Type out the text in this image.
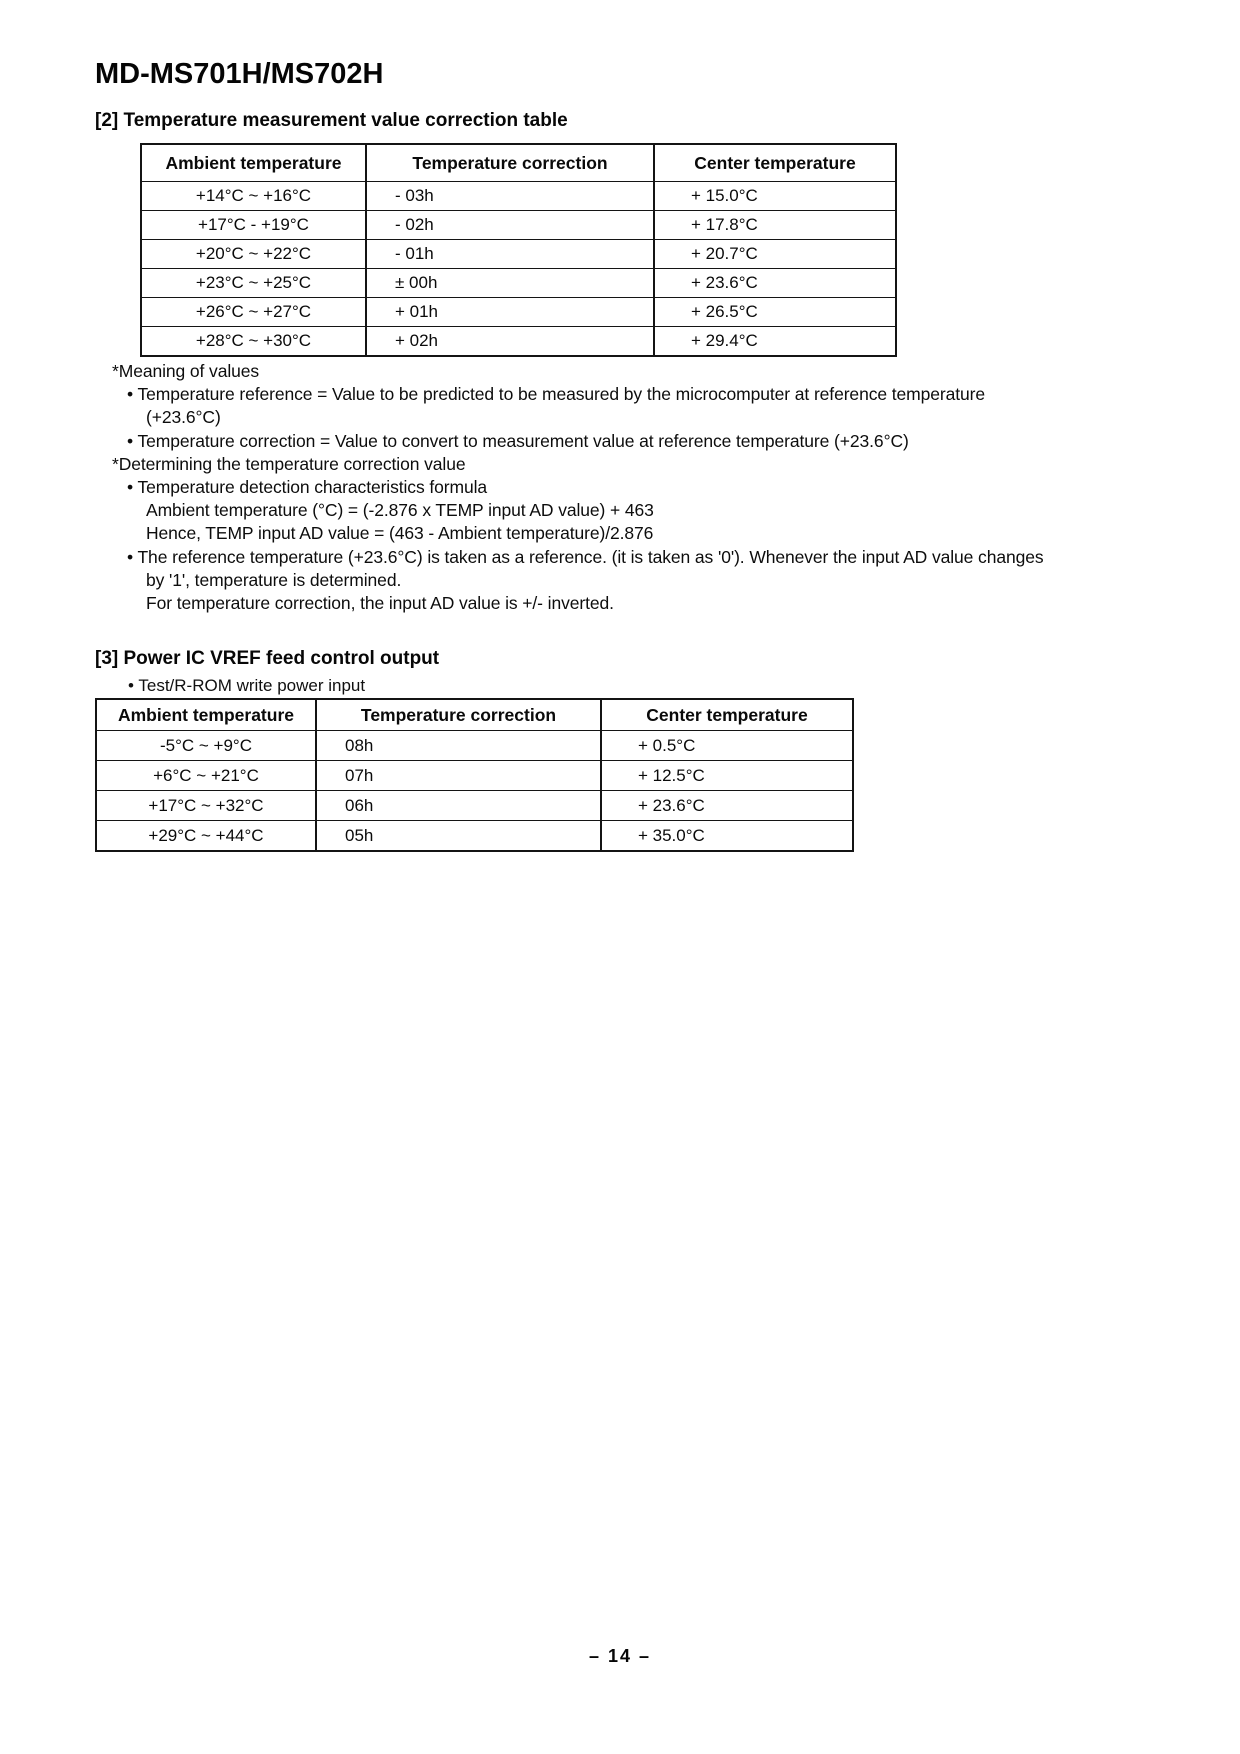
MD-MS701H/MS702H
[2] Temperature measurement value correction table
Ambient temperature	Temperature correction	Center temperature
+14°C ~ +16°C	- 03h	+ 15.0°C
+17°C - +19°C	- 02h	+ 17.8°C
+20°C ~ +22°C	- 01h	+ 20.7°C
+23°C ~ +25°C	± 00h	+ 23.6°C
+26°C ~ +27°C	+ 01h	+ 26.5°C
+28°C ~ +30°C	+ 02h	+ 29.4°C
*Meaning of values
• Temperature reference = Value to be predicted to be measured by the microcomputer at reference temperature
(+23.6°C)
• Temperature correction = Value to convert to measurement value at reference temperature (+23.6°C)
*Determining the temperature correction value
• Temperature detection characteristics formula
Ambient temperature (°C) = (-2.876 x TEMP input AD value) + 463
Hence, TEMP input AD value = (463 - Ambient temperature)/2.876
• The reference temperature (+23.6°C) is taken as a reference. (it is taken as '0'). Whenever the input AD value changes
by '1', temperature is determined.
For temperature correction, the input AD value is +/- inverted.
[3] Power IC VREF feed control output
• Test/R-ROM write power input
Ambient temperature	Temperature correction	Center temperature
-5°C ~ +9°C	08h	+ 0.5°C
+6°C ~ +21°C	07h	+ 12.5°C
+17°C ~ +32°C	06h	+ 23.6°C
+29°C ~ +44°C	05h	+ 35.0°C
– 14 –
